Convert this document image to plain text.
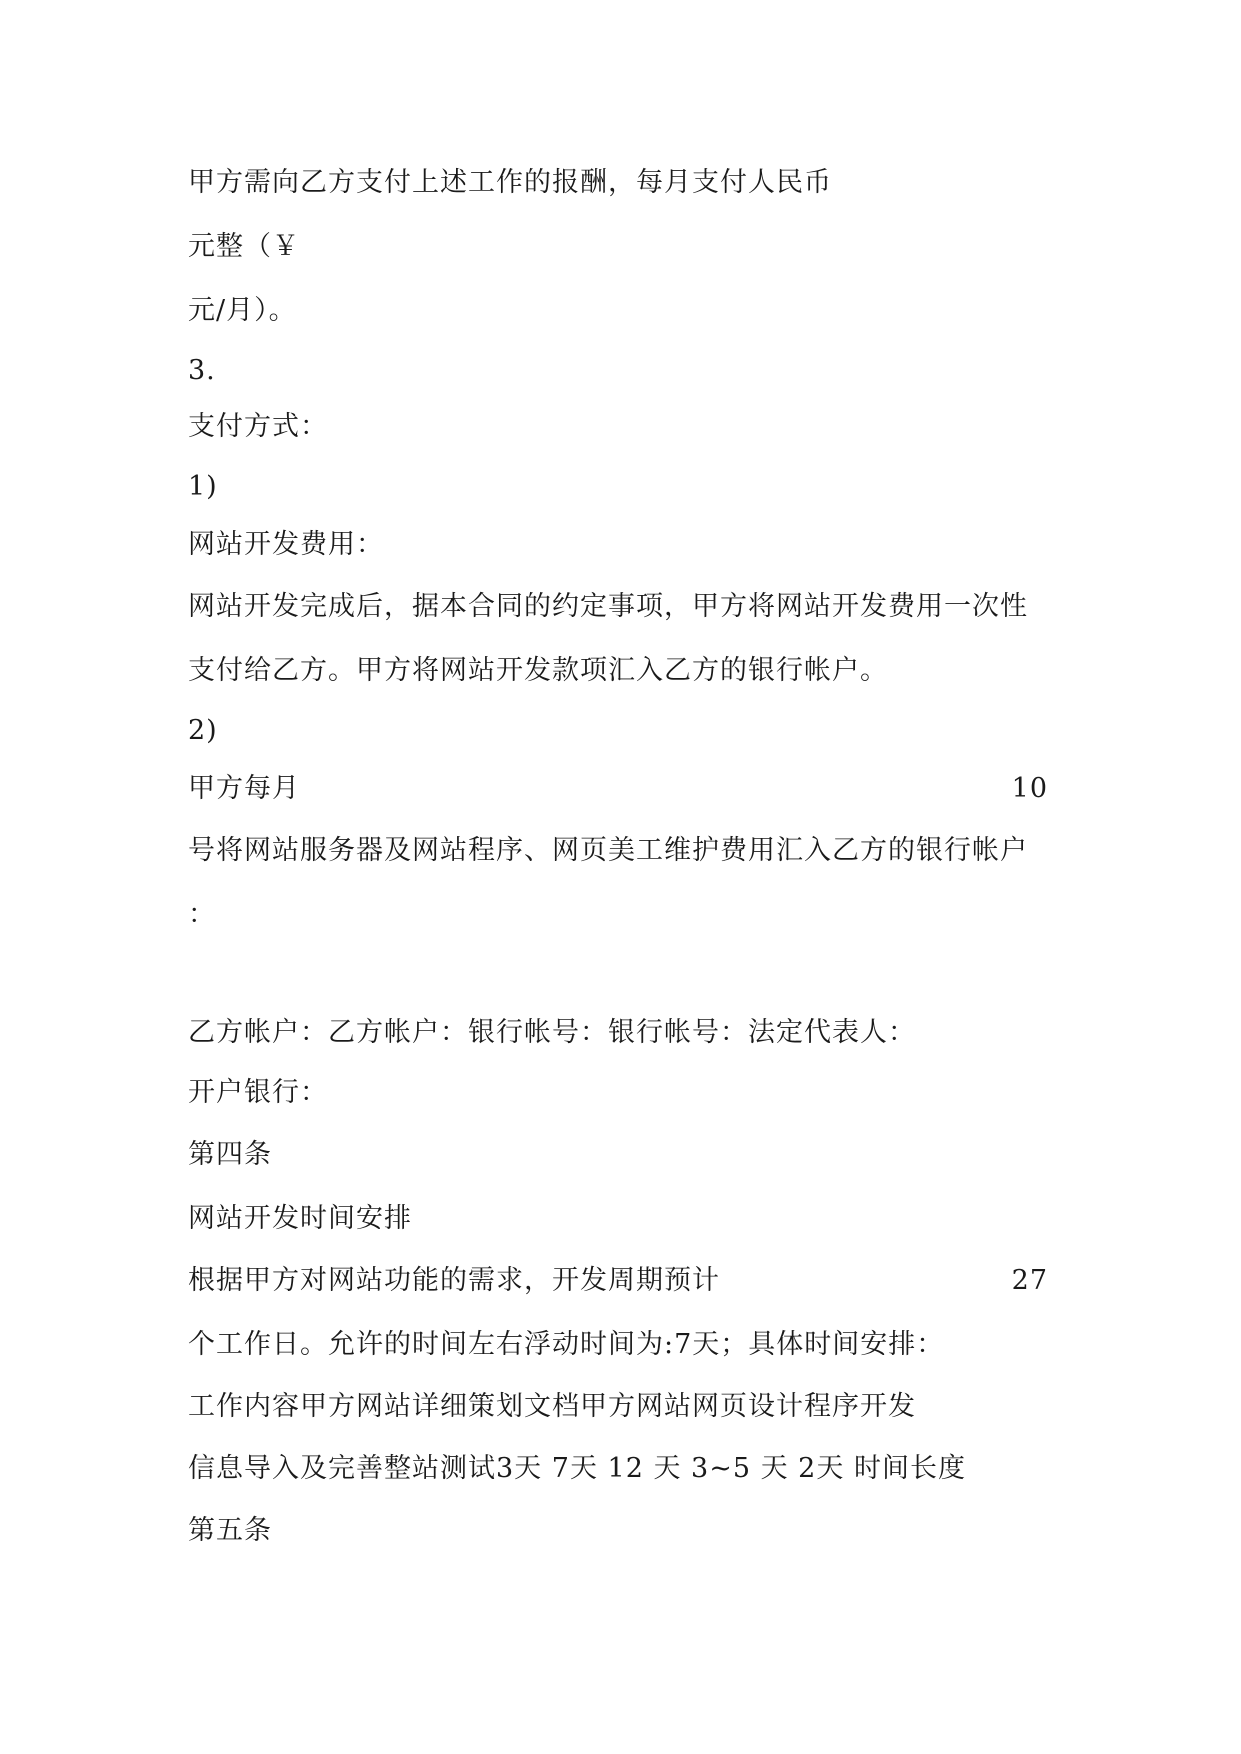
甲方需向乙方支付上述工作的报酬，每月支付人民币
元整（￥
元/月）。
3.
支付方式：
1)
网站开发费用：
网站开发完成后，据本合同的约定事项，甲方将网站开发费用一次性
支付给乙方。甲方将网站开发款项汇入乙方的银行帐户。
2)
甲方每月	10
号将网站服务器及网站程序、网页美工维护费用汇入乙方的银行帐户
：
乙方帐户：乙方帐户：银行帐号：银行帐号：法定代表人：
开户银行：
第四条
网站开发时间安排
根据甲方对网站功能的需求，开发周期预计	27
个工作日。允许的时间左右浮动时间为:7天；具体时间安排：
工作内容甲方网站详细策划文档甲方网站网页设计程序开发
信息导入及完善整站测试3天 7天 12 天 3~5 天 2天 时间长度
第五条
